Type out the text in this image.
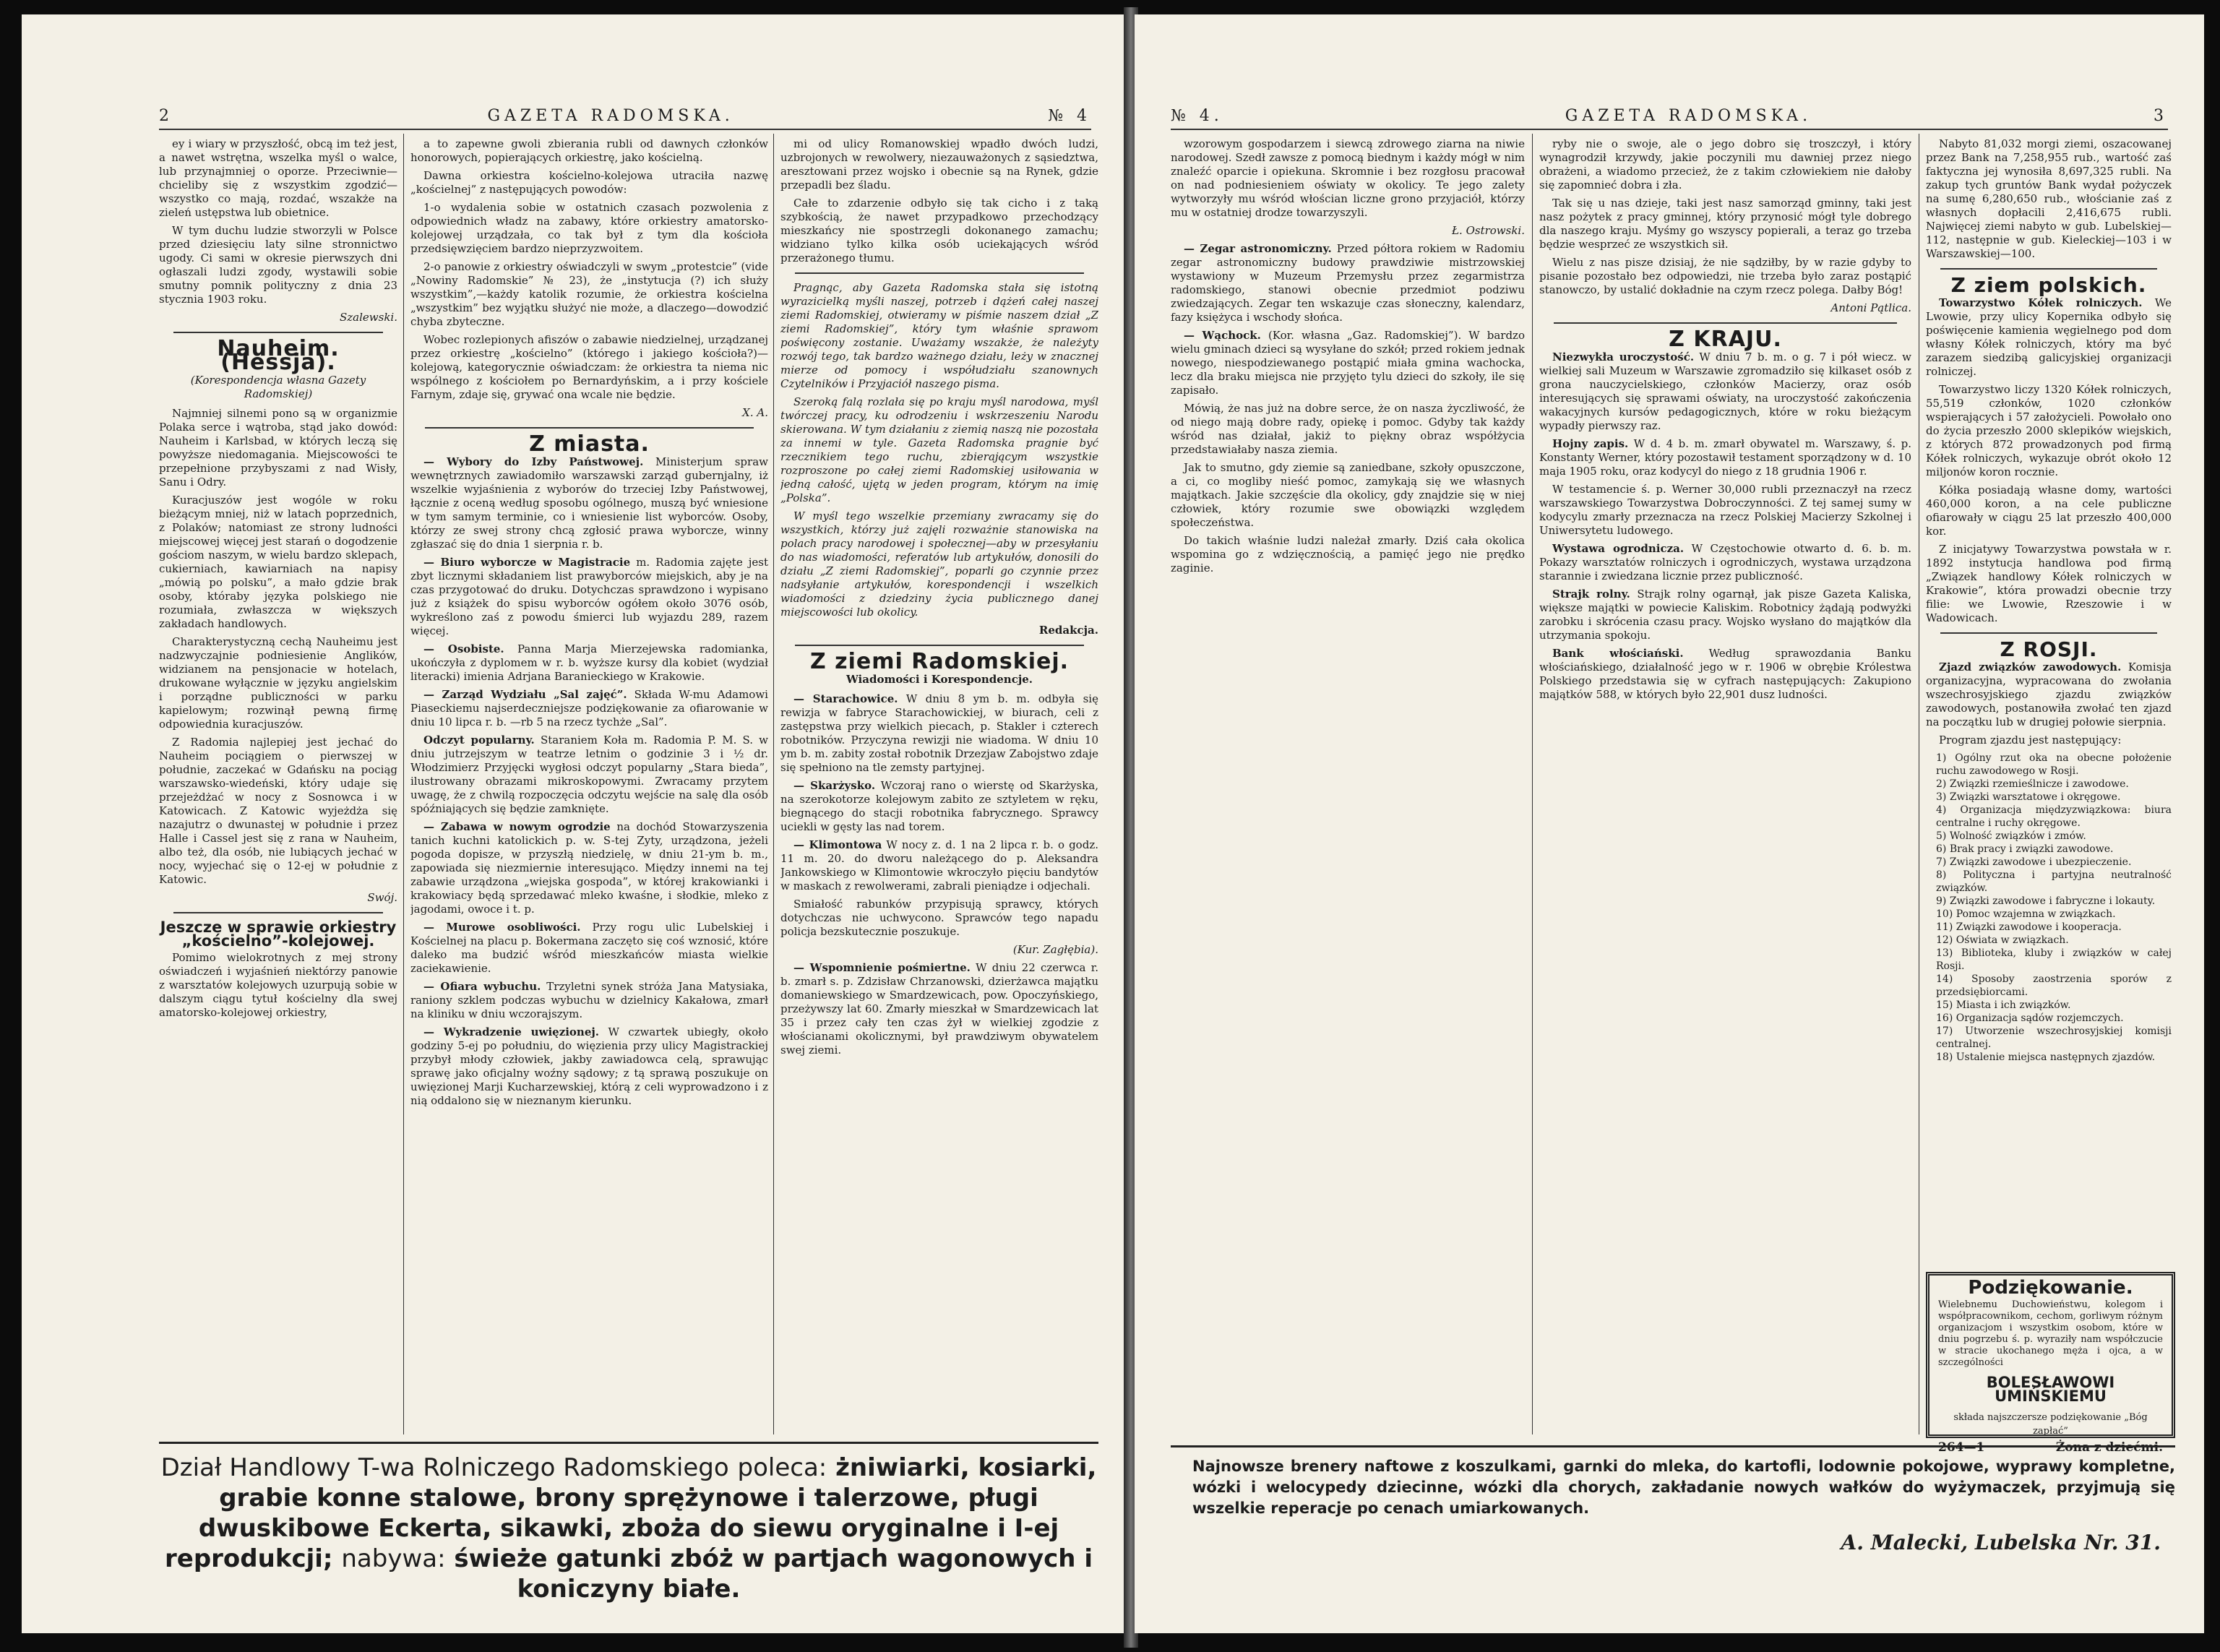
2	GAZETA RADOMSKA.	№ 4

ey i wiary w przyszłość, obcą im też jest, a nawet wstrętna, wszelka myśl o walce, lub przynajmniej o oporze. Przeciwnie—chcieliby się z wszystkim zgodzić—wszystko co mają, rozdać, wszakże na zieleń ustępstwa lub obietnice.

W tym duchu ludzie stworzyli w Polsce przed dziesięciu laty silne stronnictwo ugody. Ci sami w okresie pierwszych dni ogłaszali ludzi zgody, wystawili sobie smutny pomnik polityczny z dnia 23 stycznia 1903 roku.

Szalewski.
Nauheim. (Hessja).
(Korespondencja własna Gazety Radomskiej)

Najmniej silnemi pono są w organizmie Polaka serce i wątroba, stąd jako dowód: Nauheim i Karlsbad, w których leczą się powyższe niedomagania. Miejscowości te przepełnione przybyszami z nad Wisły, Sanu i Odry.

Kuracjuszów jest wogóle w roku bieżącym mniej, niż w latach poprzednich, z Polaków; natomiast ze strony ludności miejscowej więcej jest starań o dogodzenie gościom naszym, w wielu bardzo sklepach, cukierniach, kawiarniach na napisy „mówią po polsku”, a mało gdzie brak osoby, któraby języka polskiego nie rozumiała, zwłaszcza w większych zakładach handlowych.

Charakterystyczną cechą Nauheimu jest nadzwyczajnie podniesienie Anglików, widzianem na pensjonacie w hotelach, drukowane wyłącznie w języku angielskim i porządne publiczności w parku kapielowym; rozwinął pewną firmę odpowiednia kuracjuszów.

Z Radomia najlepiej jest jechać do Nauheim pociągiem o pierwszej w południe, zaczekać w Gdańsku na pociąg warszawsko-wiedeński, który udaje się przejeżdżać w nocy z Sosnowca i w Katowicach. Z Katowic wyjeżdża się nazajutrz o dwunastej w południe i przez Halle i Cassel jest się z rana w Nauheim, albo też, dla osób, nie lubiących jechać w nocy, wyjechać się o 12-ej w południe z Katowic.

Swój.
Jeszcze w sprawie orkiestry „kościelno”-kolejowej.

Pomimo wielokrotnych z mej strony oświadczeń i wyjaśnień niektórzy panowie z warsztatów kolejowych uzurpują sobie w dalszym ciągu tytuł kościelny dla swej amatorsko-kolejowej orkiestry,

a to zapewne gwoli zbierania rubli od dawnych członków honorowych, popierających orkiestrę, jako kościelną.

Dawna orkiestra kościelno-kolejowa utraciła nazwę „kościelnej” z następujących powodów:

1-o wydalenia sobie w ostatnich czasach pozwolenia z odpowiednich władz na zabawy, które orkiestry amatorsko-kolejowej urządzała, co tak był z tym dla kościoła przedsięwzięciem bardzo nieprzyzwoitem.

2-o panowie z orkiestry oświadczyli w swym „protestcie” (vide „Nowiny Radomskie” № 23), że „instytucja (?) ich służy wszystkim”,—każdy katolik rozumie, że orkiestra kościelna „wszystkim” bez wyjątku służyć nie może, a dlaczego—dowodzić chyba zbyteczne.

Wobec rozlepionych afiszów o zabawie niedzielnej, urządzanej przez orkiestrę „kościelno” (którego i jakiego kościoła?)—kolejową, kategorycznie oświadczam: że orkiestra ta niema nic wspólnego z kościołem po Bernardyńskim, a i przy kościele Farnym, zdaje się, grywać ona wcale nie będzie.

X. A.
Z miasta.

— Wybory do Izby Państwowej. Ministerjum spraw wewnętrznych zawiadomiło warszawski zarząd gubernjalny, iż wszelkie wyjaśnienia z wyborów do trzeciej Izby Państwowej, łącznie z oceną według sposobu ogólnego, muszą być wniesione w tym samym terminie, co i wniesienie list wyborców. Osoby, którzy ze swej strony chcą zgłosić prawa wyborcze, winny zgłaszać się do dnia 1 sierpnia r. b.

— Biuro wyborcze w Magistracie m. Radomia zajęte jest zbyt licznymi składaniem list prawyborców miejskich, aby je na czas przygotować do druku. Dotychczas sprawdzono i wypisano już z książek do spisu wyborców ogółem około 3076 osób, wykreślono zaś z powodu śmierci lub wyjazdu 289, razem więcej.

— Osobiste. Panna Marja Mierzejewska radomianka, ukończyła z dyplomem w r. b. wyższe kursy dla kobiet (wydział literacki) imienia Adrjana Baranieckiego w Krakowie.

— Zarząd Wydziału „Sal zajęć”. Składa W-mu Adamowi Piaseckiemu najserdeczniejsze podziękowanie za ofiarowanie w dniu 10 lipca r. b. —rb 5 na rzecz tychże „Sal”.

Odczyt popularny. Staraniem Koła m. Radomia P. M. S. w dniu jutrzejszym w teatrze letnim o godzinie 3 i ½ dr. Włodzimierz Przyjęcki wygłosi odczyt popularny „Stara bieda”, ilustrowany obrazami mikroskopowymi. Zwracamy przytem uwagę, że z chwilą rozpoczęcia odczytu wejście na salę dla osób spóźniających się będzie zamknięte.

— Zabawa w nowym ogrodzie na dochód Stowarzyszenia tanich kuchni katolickich p. w. S-tej Zyty, urządzona, jeżeli pogoda dopisze, w przyszłą niedzielę, w dniu 21-ym b. m., zapowiada się niezmiernie interesująco. Między innemi na tej zabawie urządzona „wiejska gospoda”, w której krakowianki i krakowiacy będą sprzedawać mleko kwaśne, i słodkie, mleko z jagodami, owoce i t. p.

— Murowe osobliwości. Przy rogu ulic Lubelskiej i Kościelnej na placu p. Bokermana zaczęto się coś wznosić, które daleko ma budzić wśród mieszkańców miasta wielkie zaciekawienie.

— Ofiara wybuchu. Trzyletni synek stróża Jana Matysiaka, raniony szklem podczas wybuchu w dzielnicy Kakałowa, zmarł na kliniku w dniu wczorajszym.

— Wykradzenie uwięzionej. W czwartek ubiegły, około godziny 5-ej po południu, do więzienia przy ulicy Magistrackiej przybył młody człowiek, jakby zawiadowca celą, sprawując sprawę jako oficjalny woźny sądowy; z tą sprawą poszukuje on uwięzionej Marji Kucharzewskiej, którą z celi wyprowadzono i z nią oddalono się w nieznanym kierunku.

mi od ulicy Romanowskiej wpadło dwóch ludzi, uzbrojonych w rewolwery, niezauważonych z sąsiedztwa, aresztowani przez wojsko i obecnie są na Rynek, gdzie przepadli bez śladu.

Całe to zdarzenie odbyło się tak cicho i z taką szybkością, że nawet przypadkowo przechodzący mieszkańcy nie spostrzegli dokonanego zamachu; widziano tylko kilka osób uciekających wśród przerażonego tłumu.

Pragnąc, aby Gazeta Radomska stała się istotną wyrazicielką myśli naszej, potrzeb i dążeń całej naszej ziemi Radomskiej, otwieramy w piśmie naszem dział „Z ziemi Radomskiej”, który tym właśnie sprawom poświęcony zostanie. Uważamy wszakże, że należyty rozwój tego, tak bardzo ważnego działu, leży w znacznej mierze od pomocy i współudziału szanownych Czytelników i Przyjaciół naszego pisma.

Szeroką falą rozlała się po kraju myśl narodowa, myśl twórczej pracy, ku odrodzeniu i wskrzeszeniu Narodu skierowana. W tym działaniu z ziemią naszą nie pozostała za innemi w tyle. Gazeta Radomska pragnie być rzecznikiem tego ruchu, zbierającym wszystkie rozproszone po całej ziemi Radomskiej usiłowania w jedną całość, ujętą w jeden program, którym na imię „Polska”.

W myśl tego wszelkie przemiany zwracamy się do wszystkich, którzy już zajęli rozważnie stanowiska na polach pracy narodowej i społecznej—aby w przesyłaniu do nas wiadomości, referatów lub artykułów, donosili do działu „Z ziemi Radomskiej”, poparli go czynnie przez nadsyłanie artykułów, korespondencji i wszelkich wiadomości z dziedziny życia publicznego danej miejscowości lub okolicy.

Redakcja.
Z ziemi Radomskiej.
Wiadomości i Korespondencje.

— Starachowice. W dniu 8 ym b. m. odbyła się rewizja w fabryce Starachowickiej, w biurach, celi z zastępstwa przy wielkich piecach, p. Stakler i czterech robotników. Przyczyna rewizji nie wiadoma. W dniu 10 ym b. m. zabity został robotnik Drzezjaw Zabojstwo zdaje się spełniono na tle zemsty partyjnej.

— Skarżysko. Wczoraj rano o wierstę od Skarżyska, na szerokotorze kolejowym zabito ze sztyletem w ręku, biegnącego do stacji robotnika fabrycznego. Sprawcy uciekli w gęsty las nad torem.

— Klimontowa W nocy z. d. 1 na 2 lipca r. b. o godz. 11 m. 20. do dworu należącego do p. Aleksandra Jankowskiego w Klimontowie wkroczyło pięciu bandytów w maskach z rewolwerami, zabrali pieniądze i odjechali.

Smiałość rabunków przypisują sprawcy, których dotychczas nie uchwycono. Sprawców tego napadu policja bezskutecznie poszukuje.

(Kur. Zagłębia).

— Wspomnienie pośmiertne. W dniu 22 czerwca r. b. zmarł s. p. Zdzisław Chrzanowski, dzierżawca majątku domaniewskiego w Smardzewicach, pow. Opoczyńskiego, przeżywszy lat 60. Zmarły mieszkał w Smardzewicach lat 35 i przez cały ten czas żył w wielkiej zgodzie z włościanami okolicznymi, był prawdziwym obywatelem swej ziemi.

Dział Handlowy T-wa Rolniczego Radomskiego poleca: żniwiarki, kosiarki, grabie konne stalowe, brony sprężynowe i talerzowe, pługi dwuskibowe Eckerta, sikawki, zboża do siewu oryginalne i I-ej reprodukcji; nabywa: świeże gatunki zbóż w partjach wagonowych i koniczyny białe.
№ 4.	GAZETA RADOMSKA.	3

wzorowym gospodarzem i siewcą zdrowego ziarna na niwie narodowej. Szedł zawsze z pomocą biednym i każdy mógł w nim znaleźć oparcie i opiekuna. Skromnie i bez rozgłosu pracował on nad podniesieniem oświaty w okolicy. Te jego zalety wytworzyły mu wśród włościan liczne grono przyjaciół, którzy mu w ostatniej drodze towarzyszyli.

Ł. Ostrowski.

— Zegar astronomiczny. Przed półtora rokiem w Radomiu zegar astronomiczny budowy prawdziwie mistrzowskiej wystawiony w Muzeum Przemysłu przez zegarmistrza radomskiego, stanowi obecnie przedmiot podziwu zwiedzających. Zegar ten wskazuje czas słoneczny, kalendarz, fazy księżyca i wschody słońca.

— Wąchock. (Kor. własna „Gaz. Radomskiej”). W bardzo wielu gminach dzieci są wysyłane do szkół; przed rokiem jednak nowego, niespodziewanego postąpić miała gmina wachocka, lecz dla braku miejsca nie przyjęto tylu dzieci do szkoły, ile się zapisało.

Mówią, że nas już na dobre serce, że on nasza życzliwość, że od niego mają dobre rady, opiekę i pomoc. Gdyby tak każdy wśród nas działał, jakiż to piękny obraz współżycia przedstawiałaby nasza ziemia.

Jak to smutno, gdy ziemie są zaniedbane, szkoły opuszczone, a ci, co mogliby nieść pomoc, zamykają się we własnych majątkach. Jakie szczęście dla okolicy, gdy znajdzie się w niej człowiek, który rozumie swe obowiązki względem społeczeństwa.

Do takich właśnie ludzi należał zmarły. Dziś cała okolica wspomina go z wdzięcznością, a pamięć jego nie prędko zaginie.

ryby nie o swoje, ale o jego dobro się troszczył, i który wynagrodził krzywdy, jakie poczynili mu dawniej przez niego obrażeni, a wiadomo przecież, że z takim człowiekiem nie dałoby się zapomnieć dobra i zła.

Tak się u nas dzieje, taki jest nasz samorząd gminny, taki jest nasz pożytek z pracy gminnej, który przynosić mógł tyle dobrego dla naszego kraju. Myśmy go wszyscy popierali, a teraz go trzeba będzie wesprzeć ze wszystkich sił.

Wielu z nas pisze dzisiaj, że nie sądziłby, by w razie gdyby to pisanie pozostało bez odpowiedzi, nie trzeba było zaraz postąpić stanowczo, by ustalić dokładnie na czym rzecz polega. Dałby Bóg!

Antoni Pątlica.
Z KRAJU.

Niezwykła uroczystość. W dniu 7 b. m. o g. 7 i pół wiecz. w wielkiej sali Muzeum w Warszawie zgromadziło się kilkaset osób z grona nauczycielskiego, członków Macierzy, oraz osób interesujących się sprawami oświaty, na uroczystość zakończenia wakacyjnych kursów pedagogicznych, które w roku bieżącym wypadły pierwszy raz.

Hojny zapis. W d. 4 b. m. zmarł obywatel m. Warszawy, ś. p. Konstanty Werner, który pozostawił testament sporządzony w d. 10 maja 1905 roku, oraz kodycyl do niego z 18 grudnia 1906 r.

W testamencie ś. p. Werner 30,000 rubli przeznaczył na rzecz warszawskiego Towarzystwa Dobroczynności. Z tej samej sumy w kodycylu zmarły przeznacza na rzecz Polskiej Macierzy Szkolnej i Uniwersytetu ludowego.

Wystawa ogrodnicza. W Częstochowie otwarto d. 6. b. m. Pokazy warsztatów rolniczych i ogrodniczych, wystawa urządzona starannie i zwiedzana licznie przez publiczność.

Strajk rolny. Strajk rolny ogarnął, jak pisze Gazeta Kaliska, większe majątki w powiecie Kaliskim. Robotnicy żądają podwyżki zarobku i skrócenia czasu pracy. Wojsko wysłano do majątków dla utrzymania spokoju.

Bank włościański. Według sprawozdania Banku włościańskiego, działalność jego w r. 1906 w obrębie Królestwa Polskiego przedstawia się w cyfrach następujących: Zakupiono majątków 588, w których było 22,901 dusz ludności.

Nabyto 81,032 morgi ziemi, oszacowanej przez Bank na 7,258,955 rub., wartość zaś faktyczna jej wynosiła 8,697,325 rubli. Na zakup tych gruntów Bank wydał pożyczek na sumę 6,280,650 rub., włościanie zaś z własnych dopłacili 2,416,675 rubli. Najwięcej ziemi nabyto w gub. Lubelskiej—112, następnie w gub. Kieleckiej—103 i w Warszawskiej—100.

Z ziem polskich.

Towarzystwo Kółek rolniczych. We Lwowie, przy ulicy Kopernika odbyło się poświęcenie kamienia węgielnego pod dom własny Kółek rolniczych, który ma być zarazem siedzibą galicyjskiej organizacji rolniczej.

Towarzystwo liczy 1320 Kółek rolniczych, 55,519 członków, 1020 członków wspierających i 57 założycieli. Powołało ono do życia przeszło 2000 sklepików wiejskich, z których 872 prowadzonych pod firmą Kółek rolniczych, wykazuje obrót około 12 miljonów koron rocznie.

Kółka posiadają własne domy, wartości 460,000 koron, a na cele publiczne ofiarowały w ciągu 25 lat przeszło 400,000 kor.

Z inicjatywy Towarzystwa powstała w r. 1892 instytucja handlowa pod firmą „Związek handlowy Kółek rolniczych w Krakowie”, która prowadzi obecnie trzy filie: we Lwowie, Rzeszowie i w Wadowicach.

Z ROSJI.

Zjazd związków zawodowych. Komisja organizacyjna, wypracowana do zwołania wszechrosyjskiego zjazdu związków zawodowych, postanowiła zwołać ten zjazd na początku lub w drugiej połowie sierpnia.

Program zjazdu jest następujący:

1) Ogólny rzut oka na obecne położenie ruchu zawodowego w Rosji.
2) Związki rzemieślnicze i zawodowe.
3) Związki warsztatowe i okręgowe.
4) Organizacja międzyzwiązkowa: biura centralne i ruchy okręgowe.
5) Wolność związków i zmów.
6) Brak pracy i związki zawodowe.
7) Związki zawodowe i ubezpieczenie.
8) Polityczna i partyjna neutralność związków.
9) Związki zawodowe i fabryczne i lokauty.
10) Pomoc wzajemna w związkach.
11) Związki zawodowe i kooperacja.
12) Oświata w związkach.
13) Biblioteka, kluby i związków w całej Rosji.
14) Sposoby zaostrzenia sporów z przedsiębiorcami.
15) Miasta i ich związków.
16) Organizacja sądów rozjemczych.
17) Utworzenie wszechrosyjskiej komisji centralnej.
18) Ustalenie miejsca następnych zjazdów.
Podziękowanie.
Wielebnemu Duchowieństwu, kolegom i współpracownikom, cechom, gorliwym różnym organizacjom i wszystkim osobom, które w dniu pogrzebu ś. p. wyraziły nam współczucie w stracie ukochanego męża i ojca, a w szczególności
BOLESŁAWOWI UMIŃSKIEMU
składa najszczersze podziękowanie „Bóg zapłać”
264—1	Żona z dziećmi.
Najnowsze brenery naftowe z koszulkami, garnki do mleka, do kartofli, lodownie pokojowe, wyprawy kompletne, wózki i welocypedy dziecinne, wózki dla chorych, zakładanie nowych wałków do wyżymaczek, przyjmują się wszelkie reperacje po cenach umiarkowanych.
A. Malecki, Lubelska Nr. 31.
